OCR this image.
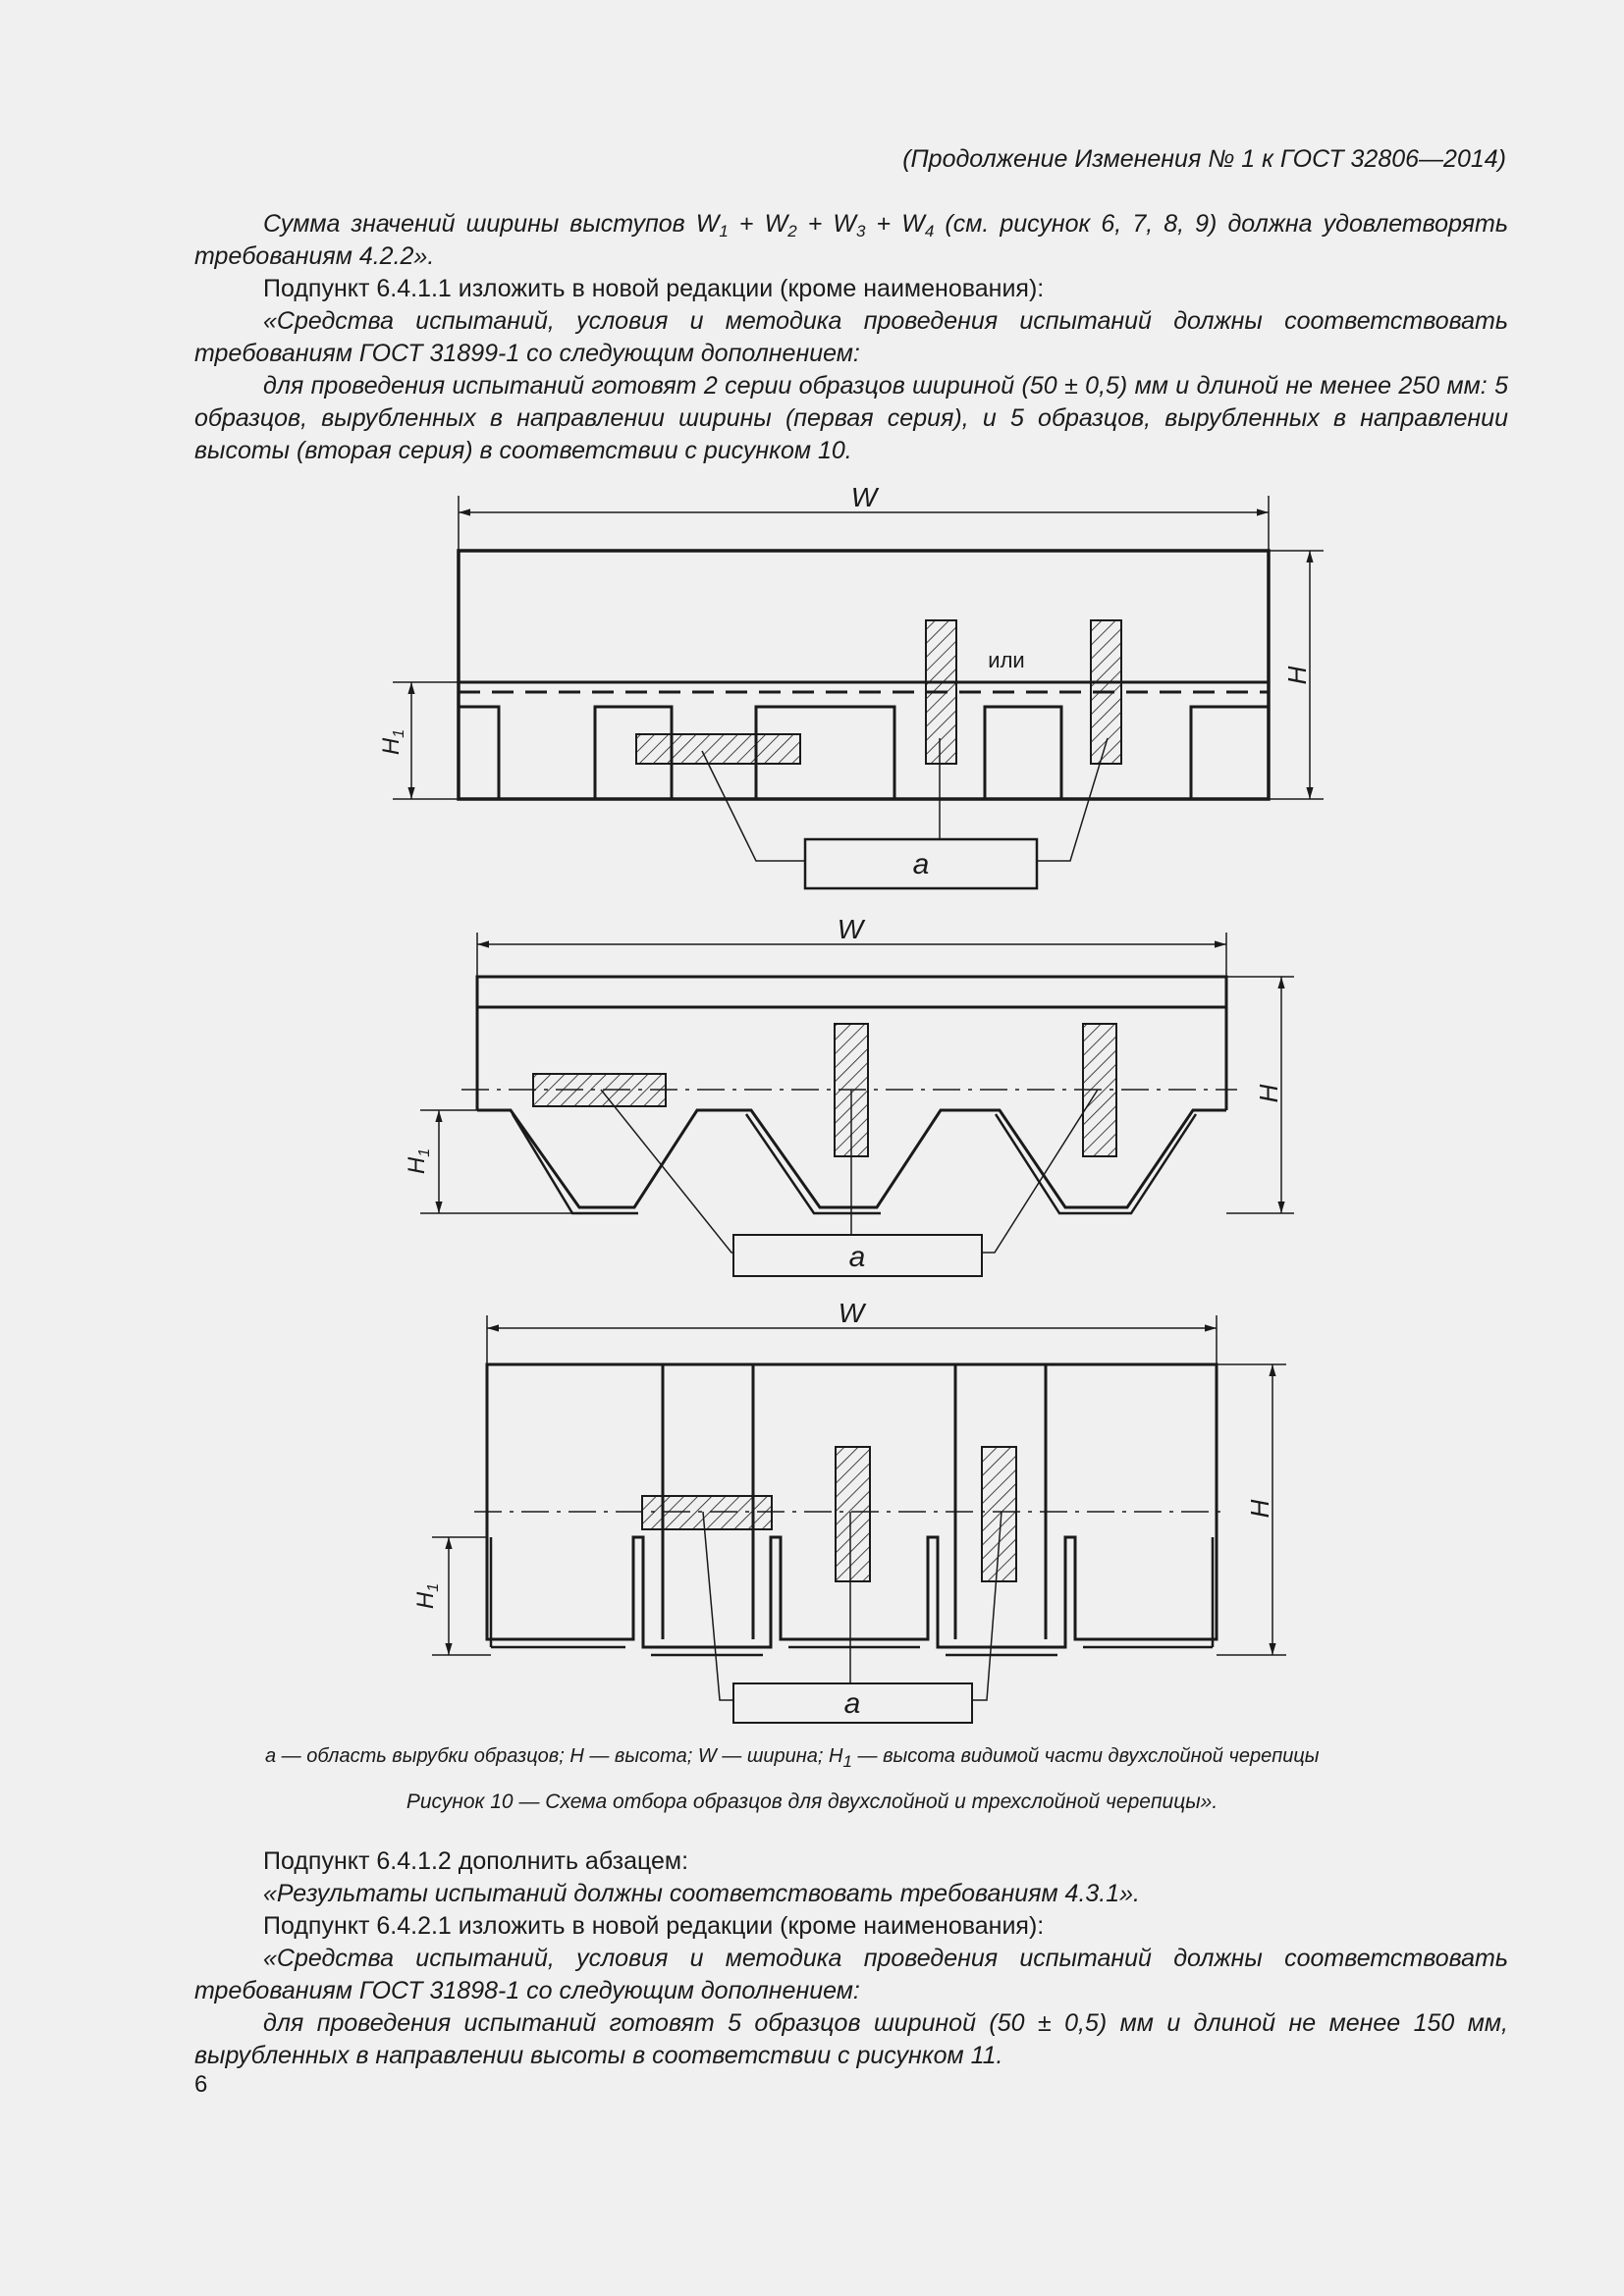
(Продолжение Изменения № 1 к ГОСТ 32806—2014)

Сумма значений ширины выступов $W_1 + W_2 + W_3 + W_4$ (см. рисунок 6, 7, 8, 9) должна удовлетворять требованиям 4.2.2».

Подпункт 6.4.1.1 изложить в новой редакции (кроме наименования):

«Средства испытаний, условия и методика проведения испытаний должны соответствовать требованиям ГОСТ 31899-1 со следующим дополнением:

для проведения испытаний готовят 2 серии образцов шириной (50 ± 0,5) мм и длиной не менее 250 мм: 5 образцов, вырубленных в направлении ширины (первая серия), и 5 образцов, вырубленных в направлении высоты (вторая серия) в соответствии с рисунком 10.

W
или
a
H
$H_1$
W
a
H
$H_1$
W
a
H
$H_1$
a — область вырубки образцов; H — высота; W — ширина; $H_1$ — высота видимой части двухслойной черепицы
Рисунок 10 — Схема отбора образцов для двухслойной и трехслойной черепицы».

Подпункт 6.4.1.2 дополнить абзацем:

«Результаты испытаний должны соответствовать требованиям 4.3.1».

Подпункт 6.4.2.1 изложить в новой редакции (кроме наименования):

«Средства испытаний, условия и методика проведения испытаний должны соответствовать требованиям ГОСТ 31898-1 со следующим дополнением:

для проведения испытаний готовят 5 образцов шириной (50 ± 0,5) мм и длиной не менее 150 мм, вырубленных в направлении высоты в соответствии с рисунком 11.

6
